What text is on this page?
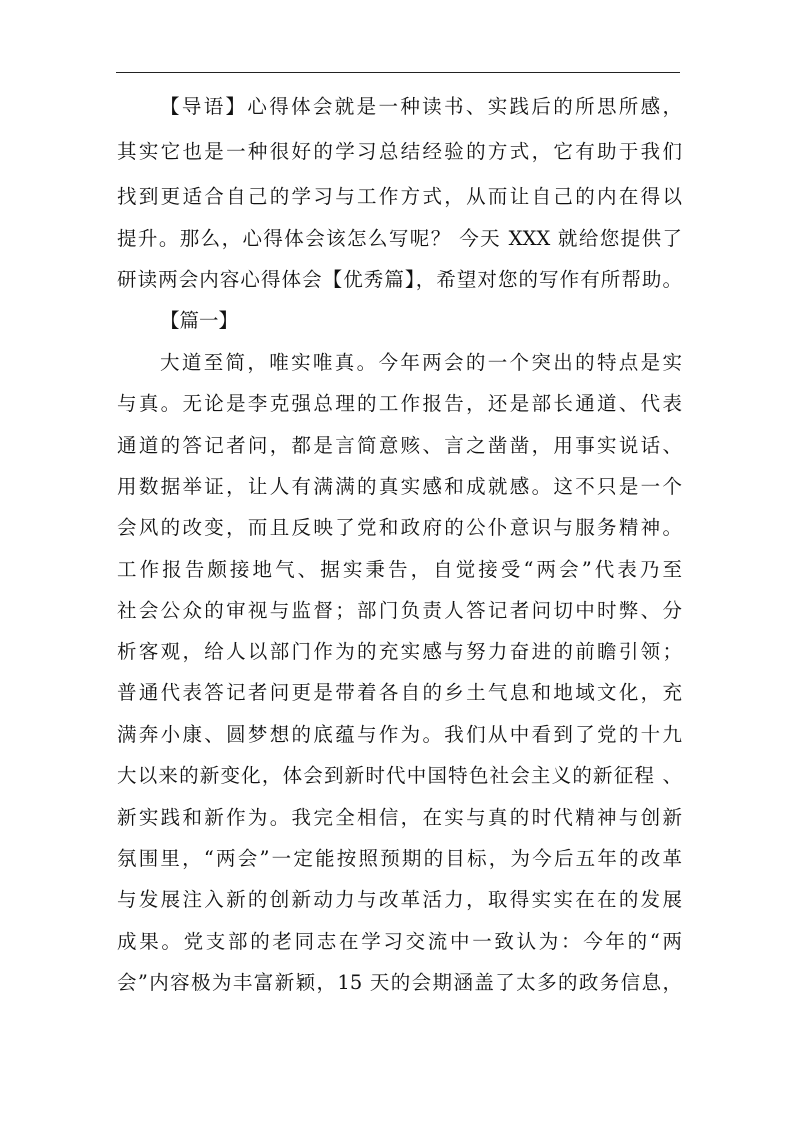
【导语】心得体会就是一种读书、实践后的所思所感，
其实它也是一种很好的学习总结经验的方式，它有助于我们
找到更适合自己的学习与工作方式，从而让自己的内在得以
提升。那么，心得体会该怎么写呢？ 今天 XXX 就给您提供了
研读两会内容心得体会【优秀篇】，希望对您的写作有所帮助。
【篇一】
大道至简，唯实唯真。今年两会的一个突出的特点是实
与真。无论是李克强总理的工作报告，还是部长通道、代表
通道的答记者问，都是言简意赅、言之凿凿，用事实说话、
用数据举证，让人有满满的真实感和成就感。这不只是一个
会风的改变，而且反映了党和政府的公仆意识与服务精神。
工作报告颇接地气、据实秉告，自觉接受“两会”代表乃至
社会公众的审视与监督；部门负责人答记者问切中时弊、分
析客观，给人以部门作为的充实感与努力奋进的前瞻引领；
普通代表答记者问更是带着各自的乡土气息和地域文化，充
满奔小康、圆梦想的底蕴与作为。我们从中看到了党的十九
大以来的新变化，体会到新时代中国特色社会主义的新征程 、
新实践和新作为。我完全相信，在实与真的时代精神与创新
氛围里，“两会”一定能按照预期的目标，为今后五年的改革
与发展注入新的创新动力与改革活力，取得实实在在的发展
成果。党支部的老同志在学习交流中一致认为：今年的“两
会”内容极为丰富新颖，15 天的会期涵盖了太多的政务信息，
